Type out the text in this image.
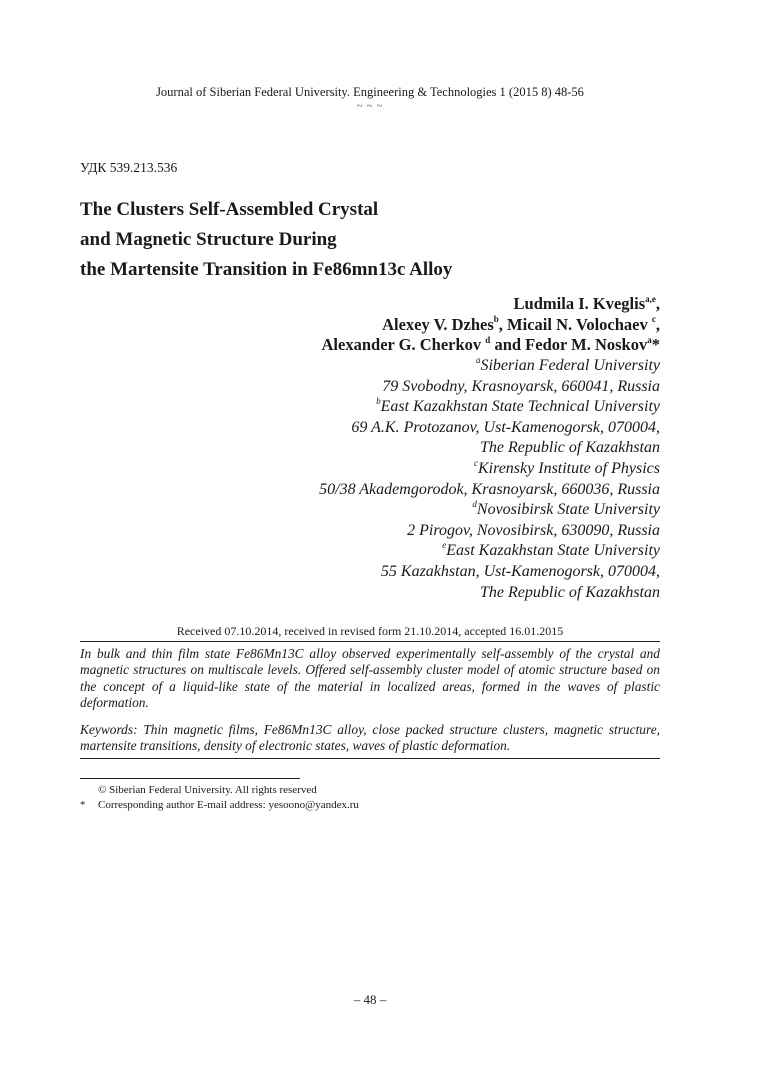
Journal of Siberian Federal University. Engineering & Technologies 1 (2015 8) 48-56
~ ~ ~
УДК 539.213.536
The Clusters Self-Assembled Crystal
and Magnetic Structure During
the Martensite Transition in Fe86mn13c Alloy
Ludmila I. Kveglis$^{a,e}$,
Alexey V. Dzhes$^b$, Micail N. Volochaev $^c$,
Alexander G. Cherkov $^d$ and Fedor M. Noskov$^a$*
$^a$Siberian Federal University
79 Svobodny, Krasnoyarsk, 660041, Russia
$^b$East Kazakhstan State Technical University
69 A.K. Protozanov, Ust-Kamenogorsk, 070004,
The Republic of Kazakhstan
$^c$Kirensky Institute of Physics
50/38 Akademgorodok, Krasnoyarsk, 660036, Russia
$^d$Novosibirsk State University
2 Pirogov, Novosibirsk, 630090, Russia
$^e$East Kazakhstan State University
55 Kazakhstan, Ust-Kamenogorsk, 070004,
The Republic of Kazakhstan
Received 07.10.2014, received in revised form 21.10.2014, accepted 16.01.2015
In bulk and thin film state Fe86Mn13C alloy observed experimentally self-assembly of the crystal and magnetic structures on multiscale levels. Offered self-assembly cluster model of atomic structure based on the concept of a liquid-like state of the material in localized areas, formed in the waves of plastic deformation.
Keywords: Thin magnetic films, Fe86Mn13C alloy, close packed structure clusters, magnetic structure, martensite transitions, density of electronic states, waves of plastic deformation.
© Siberian Federal University. All rights reserved
*	Corresponding author E-mail address: yesoono@yandex.ru
– 48 –
